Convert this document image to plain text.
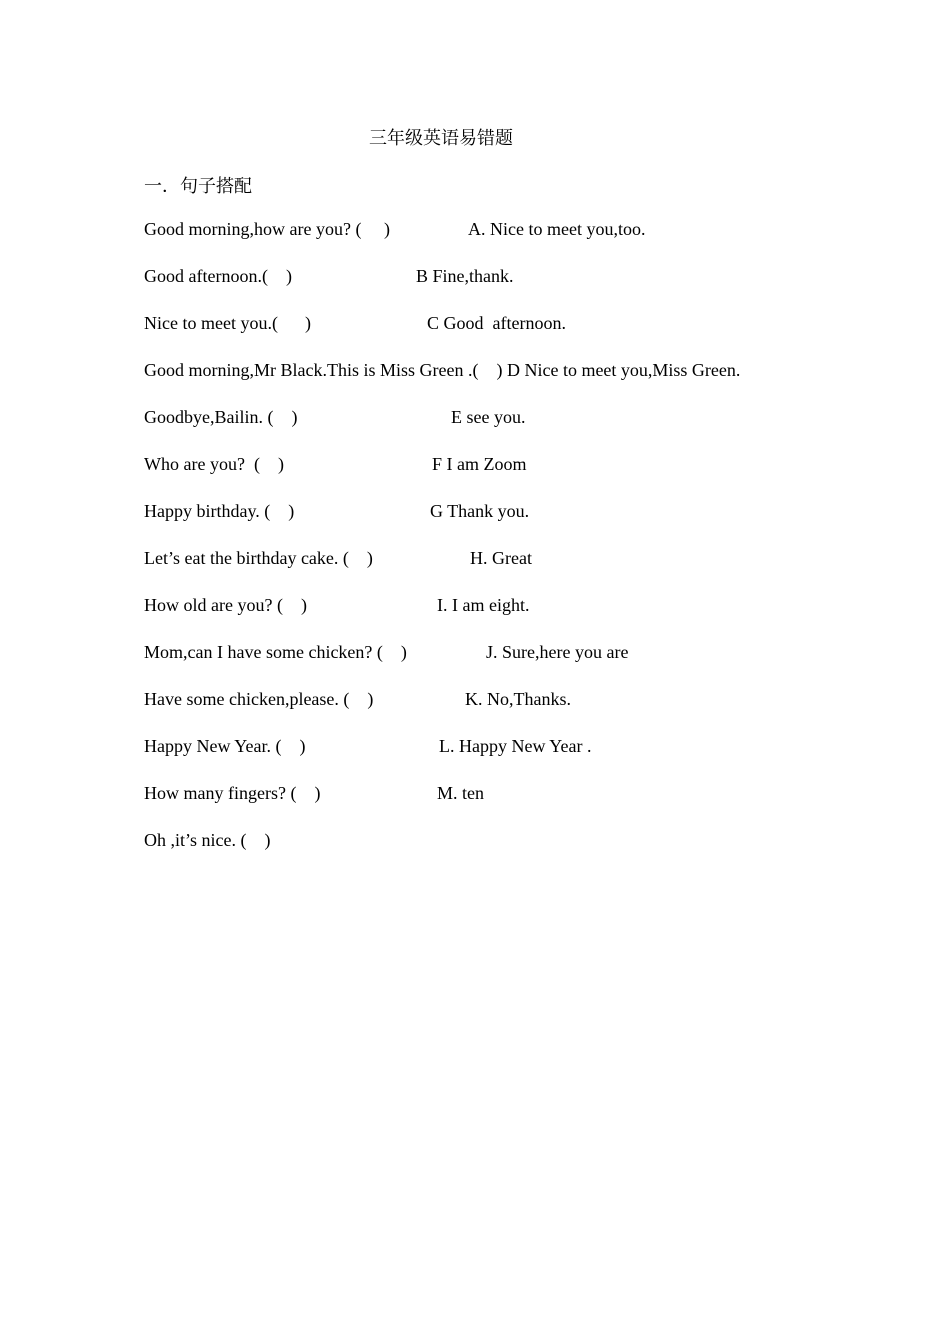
三年级英语易错题
一．句子搭配
Good morning,how are you? (     )	A. Nice to meet you,too.
Good afternoon.(    )	B Fine,thank.
Nice to meet you.(      )	C Good  afternoon.
Good morning,Mr Black.This is Miss Green .(    ) D Nice to meet you,Miss Green.
Goodbye,Bailin. (    )	E see you.
Who are you?  (    )	F I am Zoom
Happy birthday. (    )	G Thank you.
Let’s eat the birthday cake. (    )	H. Great
How old are you? (    )	I. I am eight.
Mom,can I have some chicken? (    )	J. Sure,here you are
Have some chicken,please. (    )	K. No,Thanks.
Happy New Year. (    )	L. Happy New Year .
How many fingers? (    )	M. ten
Oh ,it’s nice. (    )
